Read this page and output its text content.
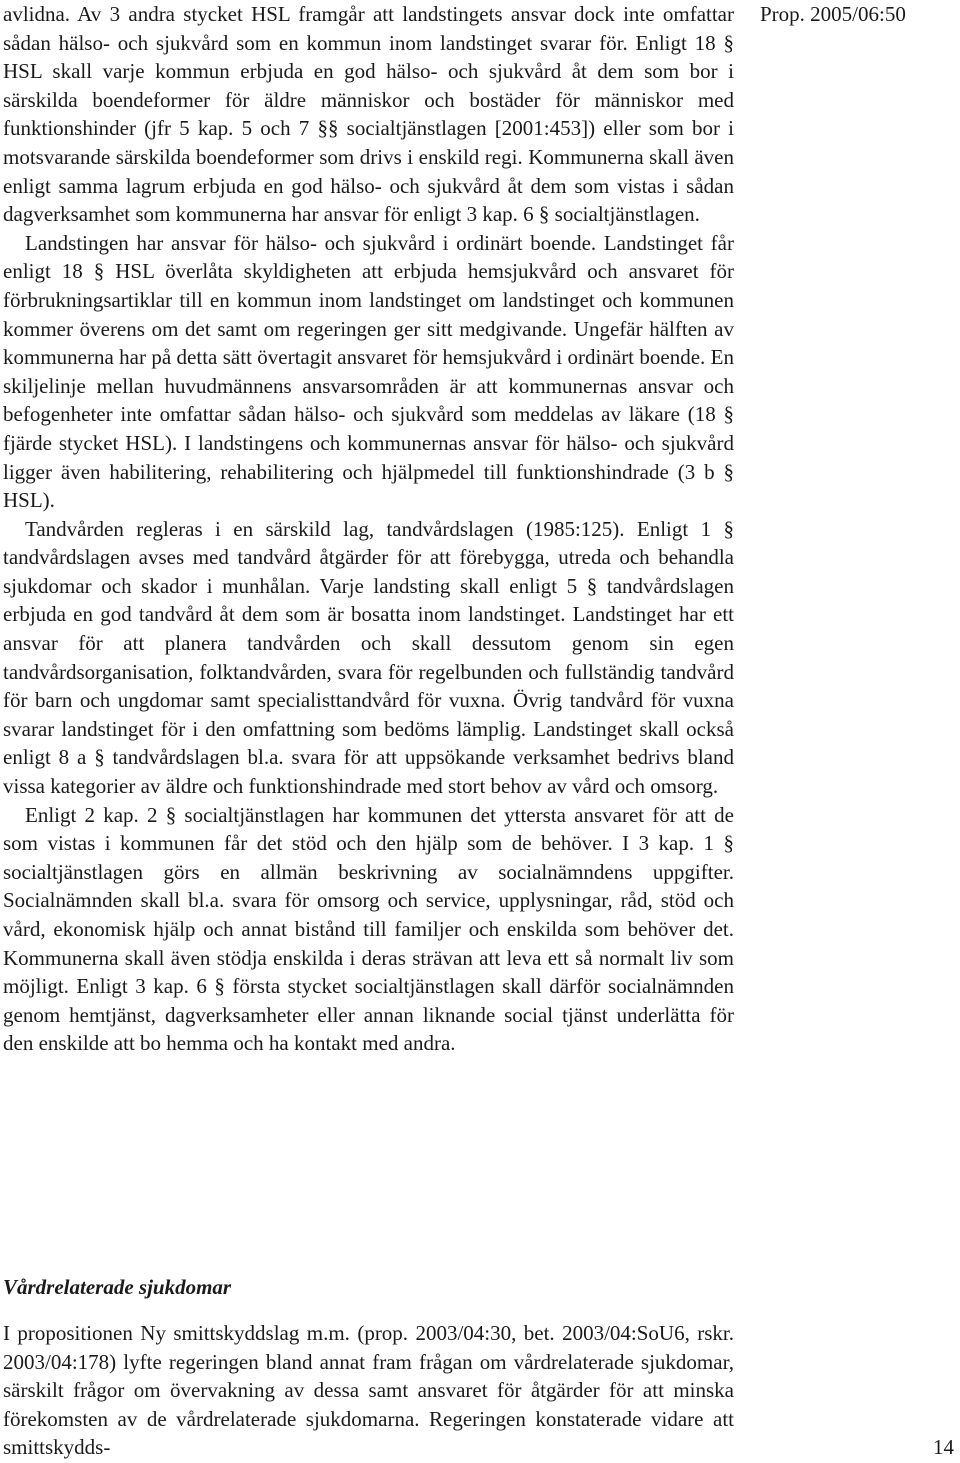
Prop. 2005/06:50

avlidna. Av 3 andra stycket HSL framgår att landstingets ansvar dock inte omfattar sådan hälso- och sjukvård som en kommun inom landstinget svarar för. Enligt 18 § HSL skall varje kommun erbjuda en god hälso- och sjukvård åt dem som bor i särskilda boendeformer för äldre människor och bostäder för människor med funktionshinder (jfr 5 kap. 5 och 7 §§ socialtjänstlagen [2001:453]) eller som bor i motsvarande särskilda boendeformer som drivs i enskild regi. Kommunerna skall även enligt samma lagrum erbjuda en god hälso- och sjukvård åt dem som vistas i sådan dagverksamhet som kommunerna har ansvar för enligt 3 kap. 6 § socialtjänstlagen.

Landstingen har ansvar för hälso- och sjukvård i ordinärt boende. Landstinget får enligt 18 § HSL överlåta skyldigheten att erbjuda hemsjukvård och ansvaret för förbrukningsartiklar till en kommun inom landstinget om landstinget och kommunen kommer överens om det samt om regeringen ger sitt medgivande. Ungefär hälften av kommunerna har på detta sätt övertagit ansvaret för hemsjukvård i ordinärt boende. En skiljelinje mellan huvudmännens ansvarsområden är att kommunernas ansvar och befogenheter inte omfattar sådan hälso- och sjukvård som meddelas av läkare (18 § fjärde stycket HSL). I landstingens och kommunernas ansvar för hälso- och sjukvård ligger även habilitering, rehabilitering och hjälpmedel till funktionshindrade (3 b § HSL).

Tandvården regleras i en särskild lag, tandvårdslagen (1985:125). Enligt 1 § tandvårdslagen avses med tandvård åtgärder för att förebygga, utreda och behandla sjukdomar och skador i munhålan. Varje landsting skall enligt 5 § tandvårdslagen erbjuda en god tandvård åt dem som är bosatta inom landstinget. Landstinget har ett ansvar för att planera tandvården och skall dessutom genom sin egen tandvårdsorganisation, folktandvården, svara för regelbunden och fullständig tandvård för barn och ungdomar samt specialisttandvård för vuxna. Övrig tandvård för vuxna svarar landstinget för i den omfattning som bedöms lämplig. Landstinget skall också enligt 8 a § tandvårdslagen bl.a. svara för att uppsökande verksamhet bedrivs bland vissa kategorier av äldre och funktionshindrade med stort behov av vård och omsorg.

Enligt 2 kap. 2 § socialtjänstlagen har kommunen det yttersta ansvaret för att de som vistas i kommunen får det stöd och den hjälp som de behöver. I 3 kap. 1 § socialtjänstlagen görs en allmän beskrivning av socialnämndens uppgifter. Socialnämnden skall bl.a. svara för omsorg och service, upplysningar, råd, stöd och vård, ekonomisk hjälp och annat bistånd till familjer och enskilda som behöver det. Kommunerna skall även stödja enskilda i deras strävan att leva ett så normalt liv som möjligt. Enligt 3 kap. 6 § första stycket socialtjänstlagen skall därför socialnämnden genom hemtjänst, dagverksamheter eller annan liknande social tjänst underlätta för den enskilde att bo hemma och ha kontakt med andra.

Vårdrelaterade sjukdomar

I propositionen Ny smittskyddslag m.m. (prop. 2003/04:30, bet. 2003/04:SoU6, rskr. 2003/04:178) lyfte regeringen bland annat fram frågan om vårdrelaterade sjukdomar, särskilt frågor om övervakning av dessa samt ansvaret för åtgärder för att minska förekomsten av de vårdrelaterade sjukdomarna. Regeringen konstaterade vidare att smittskydds-	14
